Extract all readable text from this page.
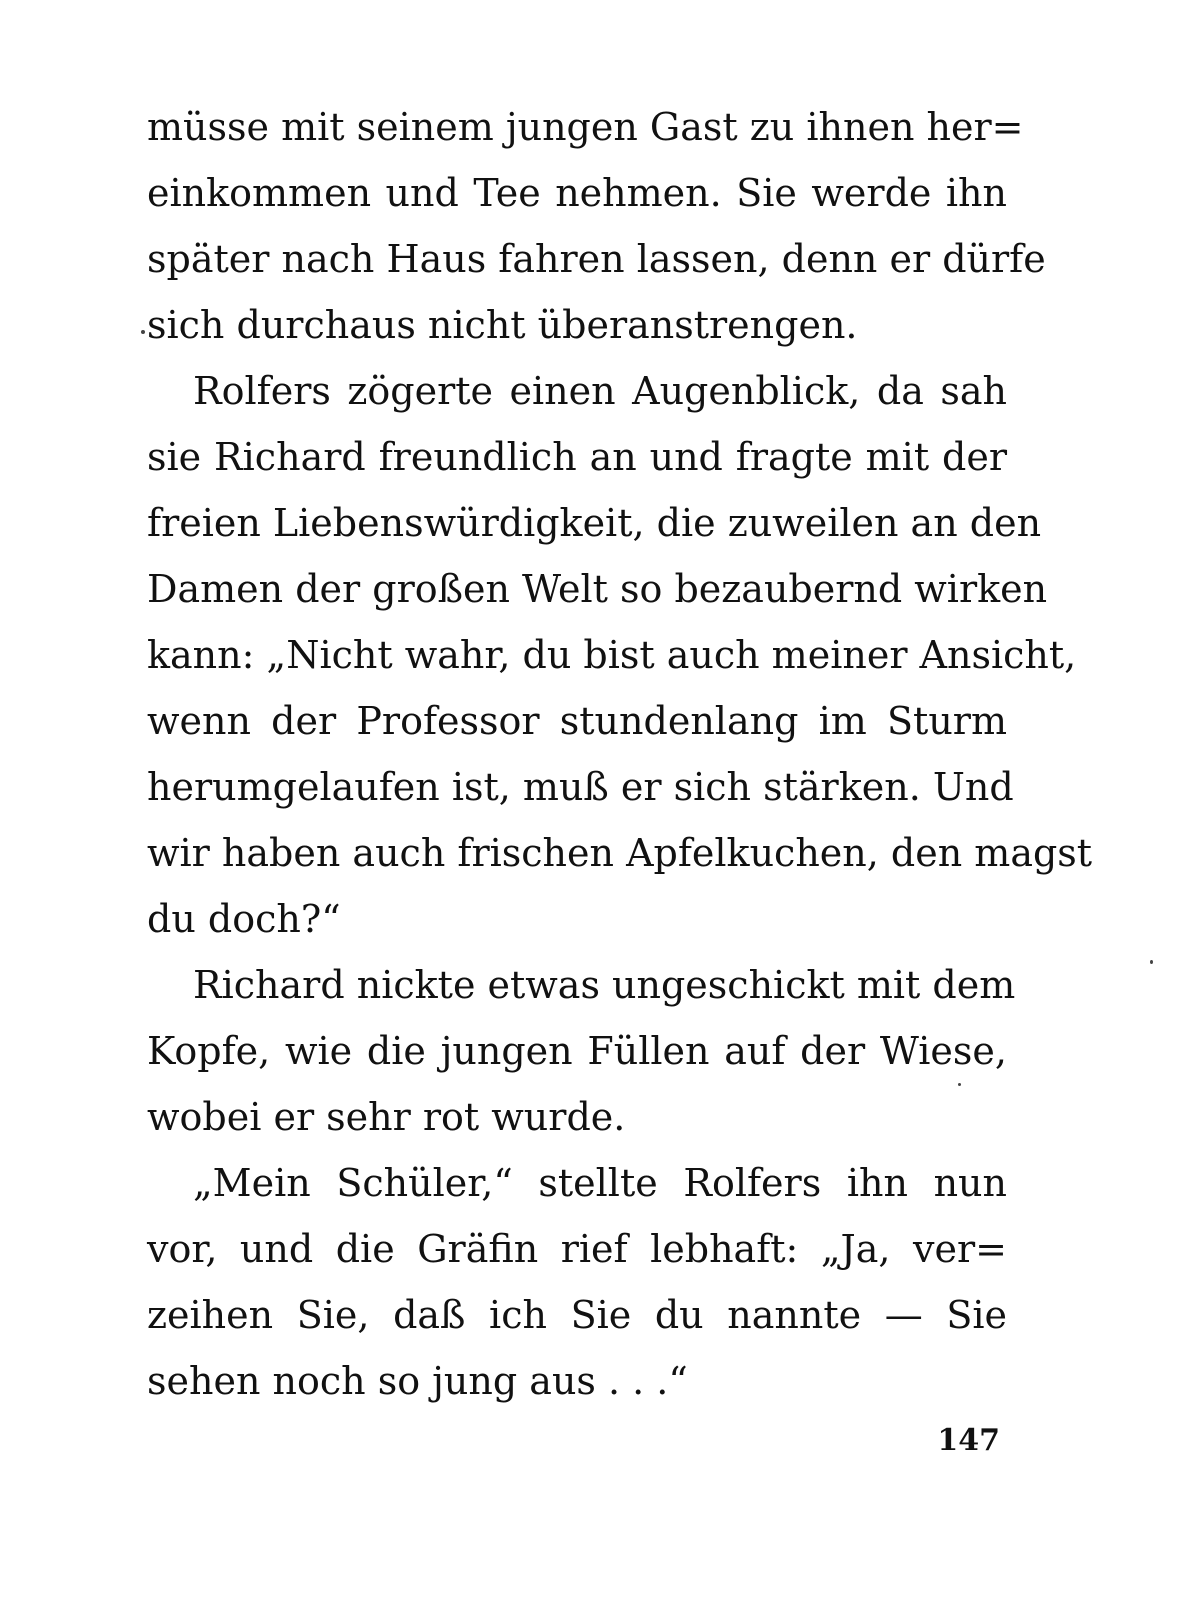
müsse mit seinem jungen Gast zu ihnen her=
einkommen und Tee nehmen. Sie werde ihn
später nach Haus fahren lassen, denn er dürfe
sich durchaus nicht überanstrengen.
Rolfers zögerte einen Augenblick, da sah
sie Richard freundlich an und fragte mit der
freien Liebenswürdigkeit, die zuweilen an den
Damen der großen Welt so bezaubernd wirken
kann: „Nicht wahr, du bist auch meiner Ansicht,
wenn der Professor stundenlang im Sturm
herumgelaufen ist, muß er sich stärken. Und
wir haben auch frischen Apfelkuchen, den magst
du doch?“
Richard nickte etwas ungeschickt mit dem
Kopfe, wie die jungen Füllen auf der Wiese,
wobei er sehr rot wurde.
„Mein Schüler,“ stellte Rolfers ihn nun
vor, und die Gräfin rief lebhaft: „Ja, ver=
zeihen Sie, daß ich Sie du nannte — Sie
sehen noch so jung aus . . .“
147
